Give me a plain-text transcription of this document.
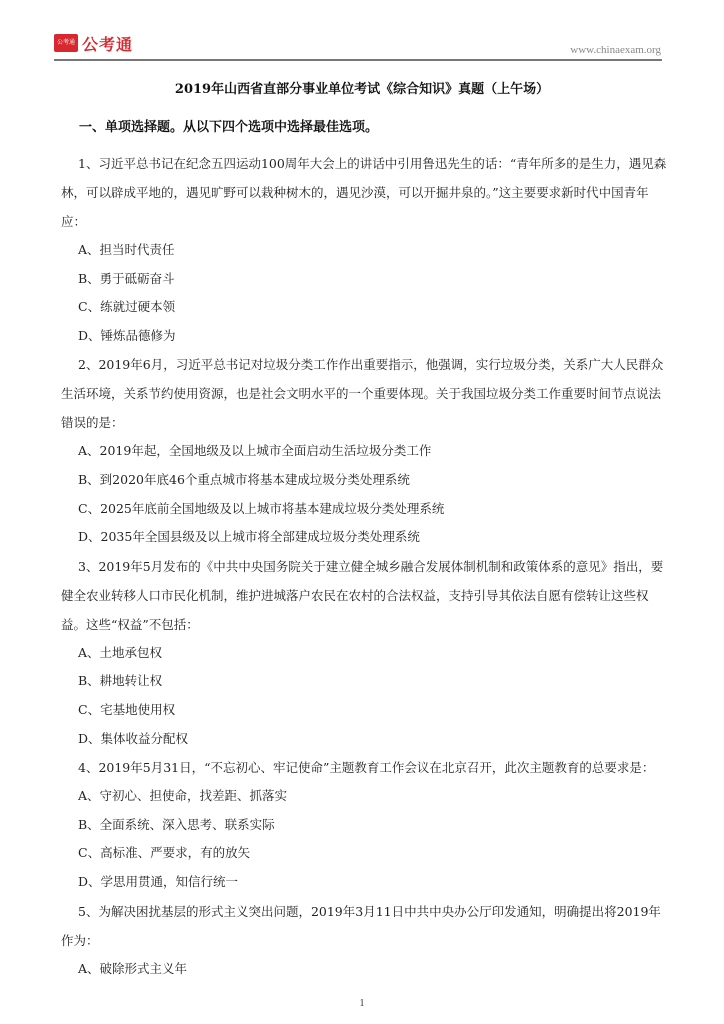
公考通 公考通	www.chinaexam.org
2019年山西省直部分事业单位考试《综合知识》真题（上午场）

一、单项选择题。从以下四个选项中选择最佳选项。

1、习近平总书记在纪念五四运动100周年大会上的讲话中引用鲁迅先生的话：“青年所多的是生力，遇见森林，可以辟成平地的，遇见旷野可以栽种树木的，遇见沙漠，可以开掘井泉的。”这主要要求新时代中国青年应：

A、担当时代责任

B、勇于砥砺奋斗

C、练就过硬本领

D、锤炼品德修为

2、2019年6月，习近平总书记对垃圾分类工作作出重要指示，他强调，实行垃圾分类，关系广大人民群众生活环境，关系节约使用资源，也是社会文明水平的一个重要体现。关于我国垃圾分类工作重要时间节点说法错误的是：

A、2019年起，全国地级及以上城市全面启动生活垃圾分类工作

B、到2020年底46个重点城市将基本建成垃圾分类处理系统

C、2025年底前全国地级及以上城市将基本建成垃圾分类处理系统

D、2035年全国县级及以上城市将全部建成垃圾分类处理系统

3、2019年5月发布的《中共中央国务院关于建立健全城乡融合发展体制机制和政策体系的意见》指出，要健全农业转移人口市民化机制，维护进城落户农民在农村的合法权益，支持引导其依法自愿有偿转让这些权益。这些“权益”不包括：

A、土地承包权

B、耕地转让权

C、宅基地使用权

D、集体收益分配权

4、2019年5月31日，“不忘初心、牢记使命”主题教育工作会议在北京召开，此次主题教育的总要求是：

A、守初心、担使命，找差距、抓落实

B、全面系统、深入思考、联系实际

C、高标准、严要求，有的放矢

D、学思用贯通，知信行统一

5、为解决困扰基层的形式主义突出问题，2019年3月11日中共中央办公厅印发通知，明确提出将2019年作为：

A、破除形式主义年

1
